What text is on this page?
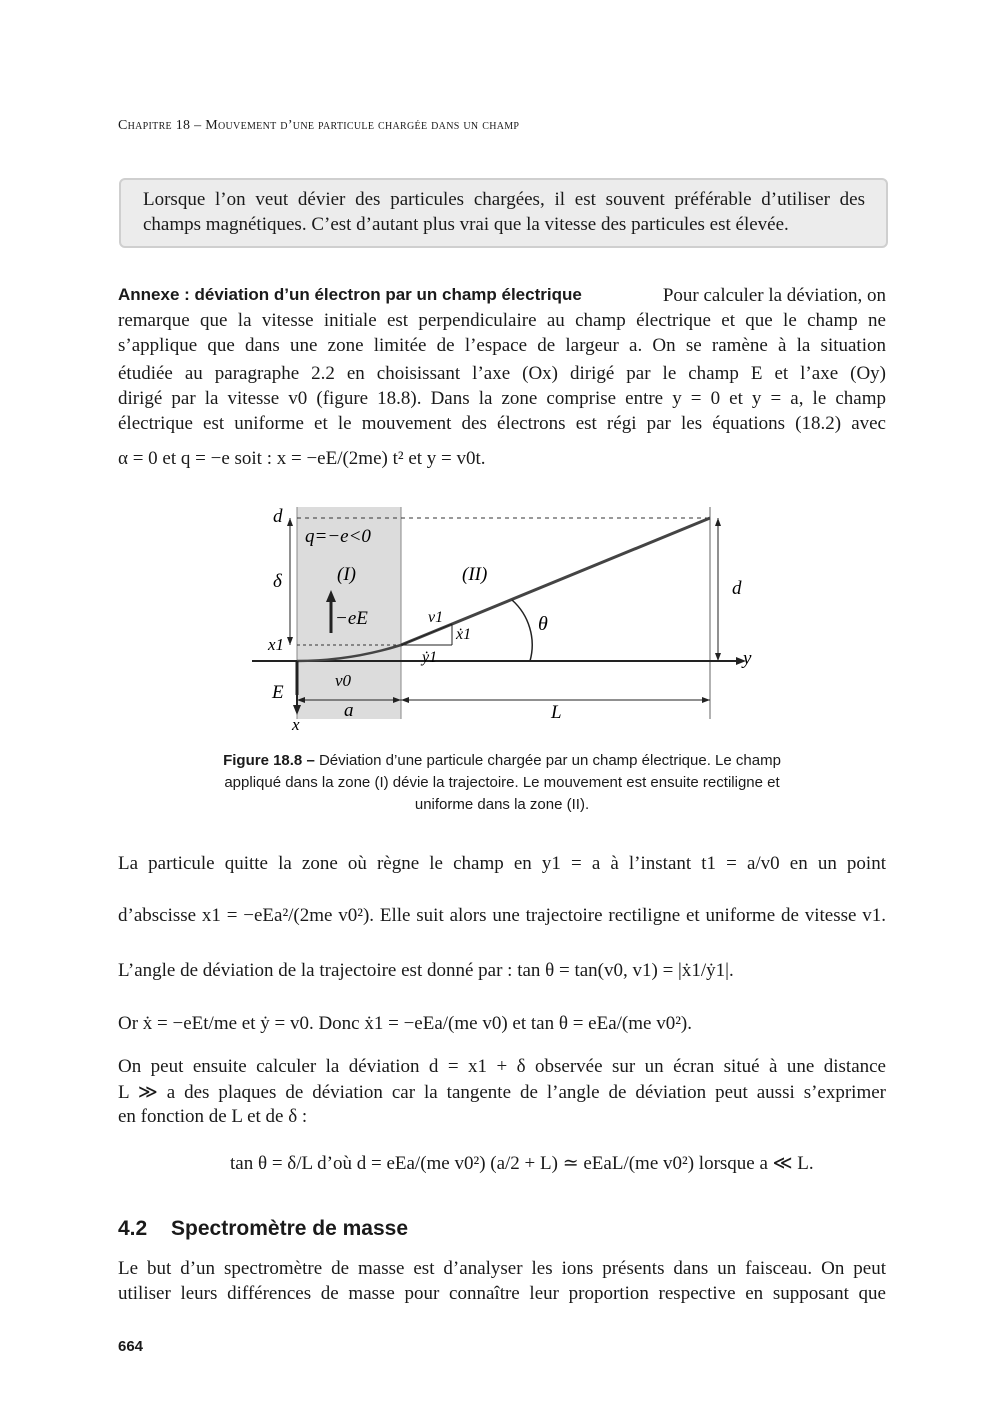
Chapitre 18 – Mouvement d’une particule chargée dans un champ

Lorsque l’on veut dévier des particules chargées, il est souvent préférable d’utiliser des

champs magnétiques. C’est d’autant plus vrai que la vitesse des particules est élevée.

Annexe : déviation d’un électron par un champ électrique	Pour calculer la déviation, on
remarque que la vitesse initiale est perpendiculaire au champ électrique et que le champ ne
s’applique que dans une zone limitée de l’espace de largeur a. On se ramène à la situation
étudiée au paragraphe 2.2 en choisissant l’axe (Ox) dirigé par le champ E et l’axe (Oy)
dirigé par la vitesse v0 (figure 18.8). Dans la zone comprise entre y = 0 et y = a, le champ
électrique est uniforme et le mouvement des électrons est régi par les équations (18.2) avec
α = 0 et q = −e soit : x = −eE/(2me) t² et y = v0t.
d
δ
x1
E
x
q=−e<0
(I)	(II)
−eE	v1
ẋ1
ẏ1
θ
v0
a	L
y
d
Figure 18.8 – Déviation d’une particule chargée par un champ électrique. Le champ
appliqué dans la zone (I) dévie la trajectoire. Le mouvement est ensuite rectiligne et
uniforme dans la zone (II).
La particule quitte la zone où règne le champ en y1 = a à l’instant t1 = a/v0 en un point
d’abscisse x1 = −eEa²/(2me v0²). Elle suit alors une trajectoire rectiligne et uniforme de vitesse v1.
L’angle de déviation de la trajectoire est donné par : tan θ = tan(v0, v1) = |ẋ1/ẏ1|.
Or ẋ = −eEt/me et ẏ = v0. Donc ẋ1 = −eEa/(me v0) et tan θ = eEa/(me v0²).
On peut ensuite calculer la déviation d = x1 + δ observée sur un écran situé à une distance
L ≫ a des plaques de déviation car la tangente de l’angle de déviation peut aussi s’exprimer
en fonction de L et de δ :
tan θ = δ/L d’où d = eEa/(me v0²) (a/2 + L) ≃ eEaL/(me v0²) lorsque a ≪ L.
4.2 Spectromètre de masse
Le but d’un spectromètre de masse est d’analyser les ions présents dans un faisceau. On peut
utiliser leurs différences de masse pour connaître leur proportion respective en supposant que
664
